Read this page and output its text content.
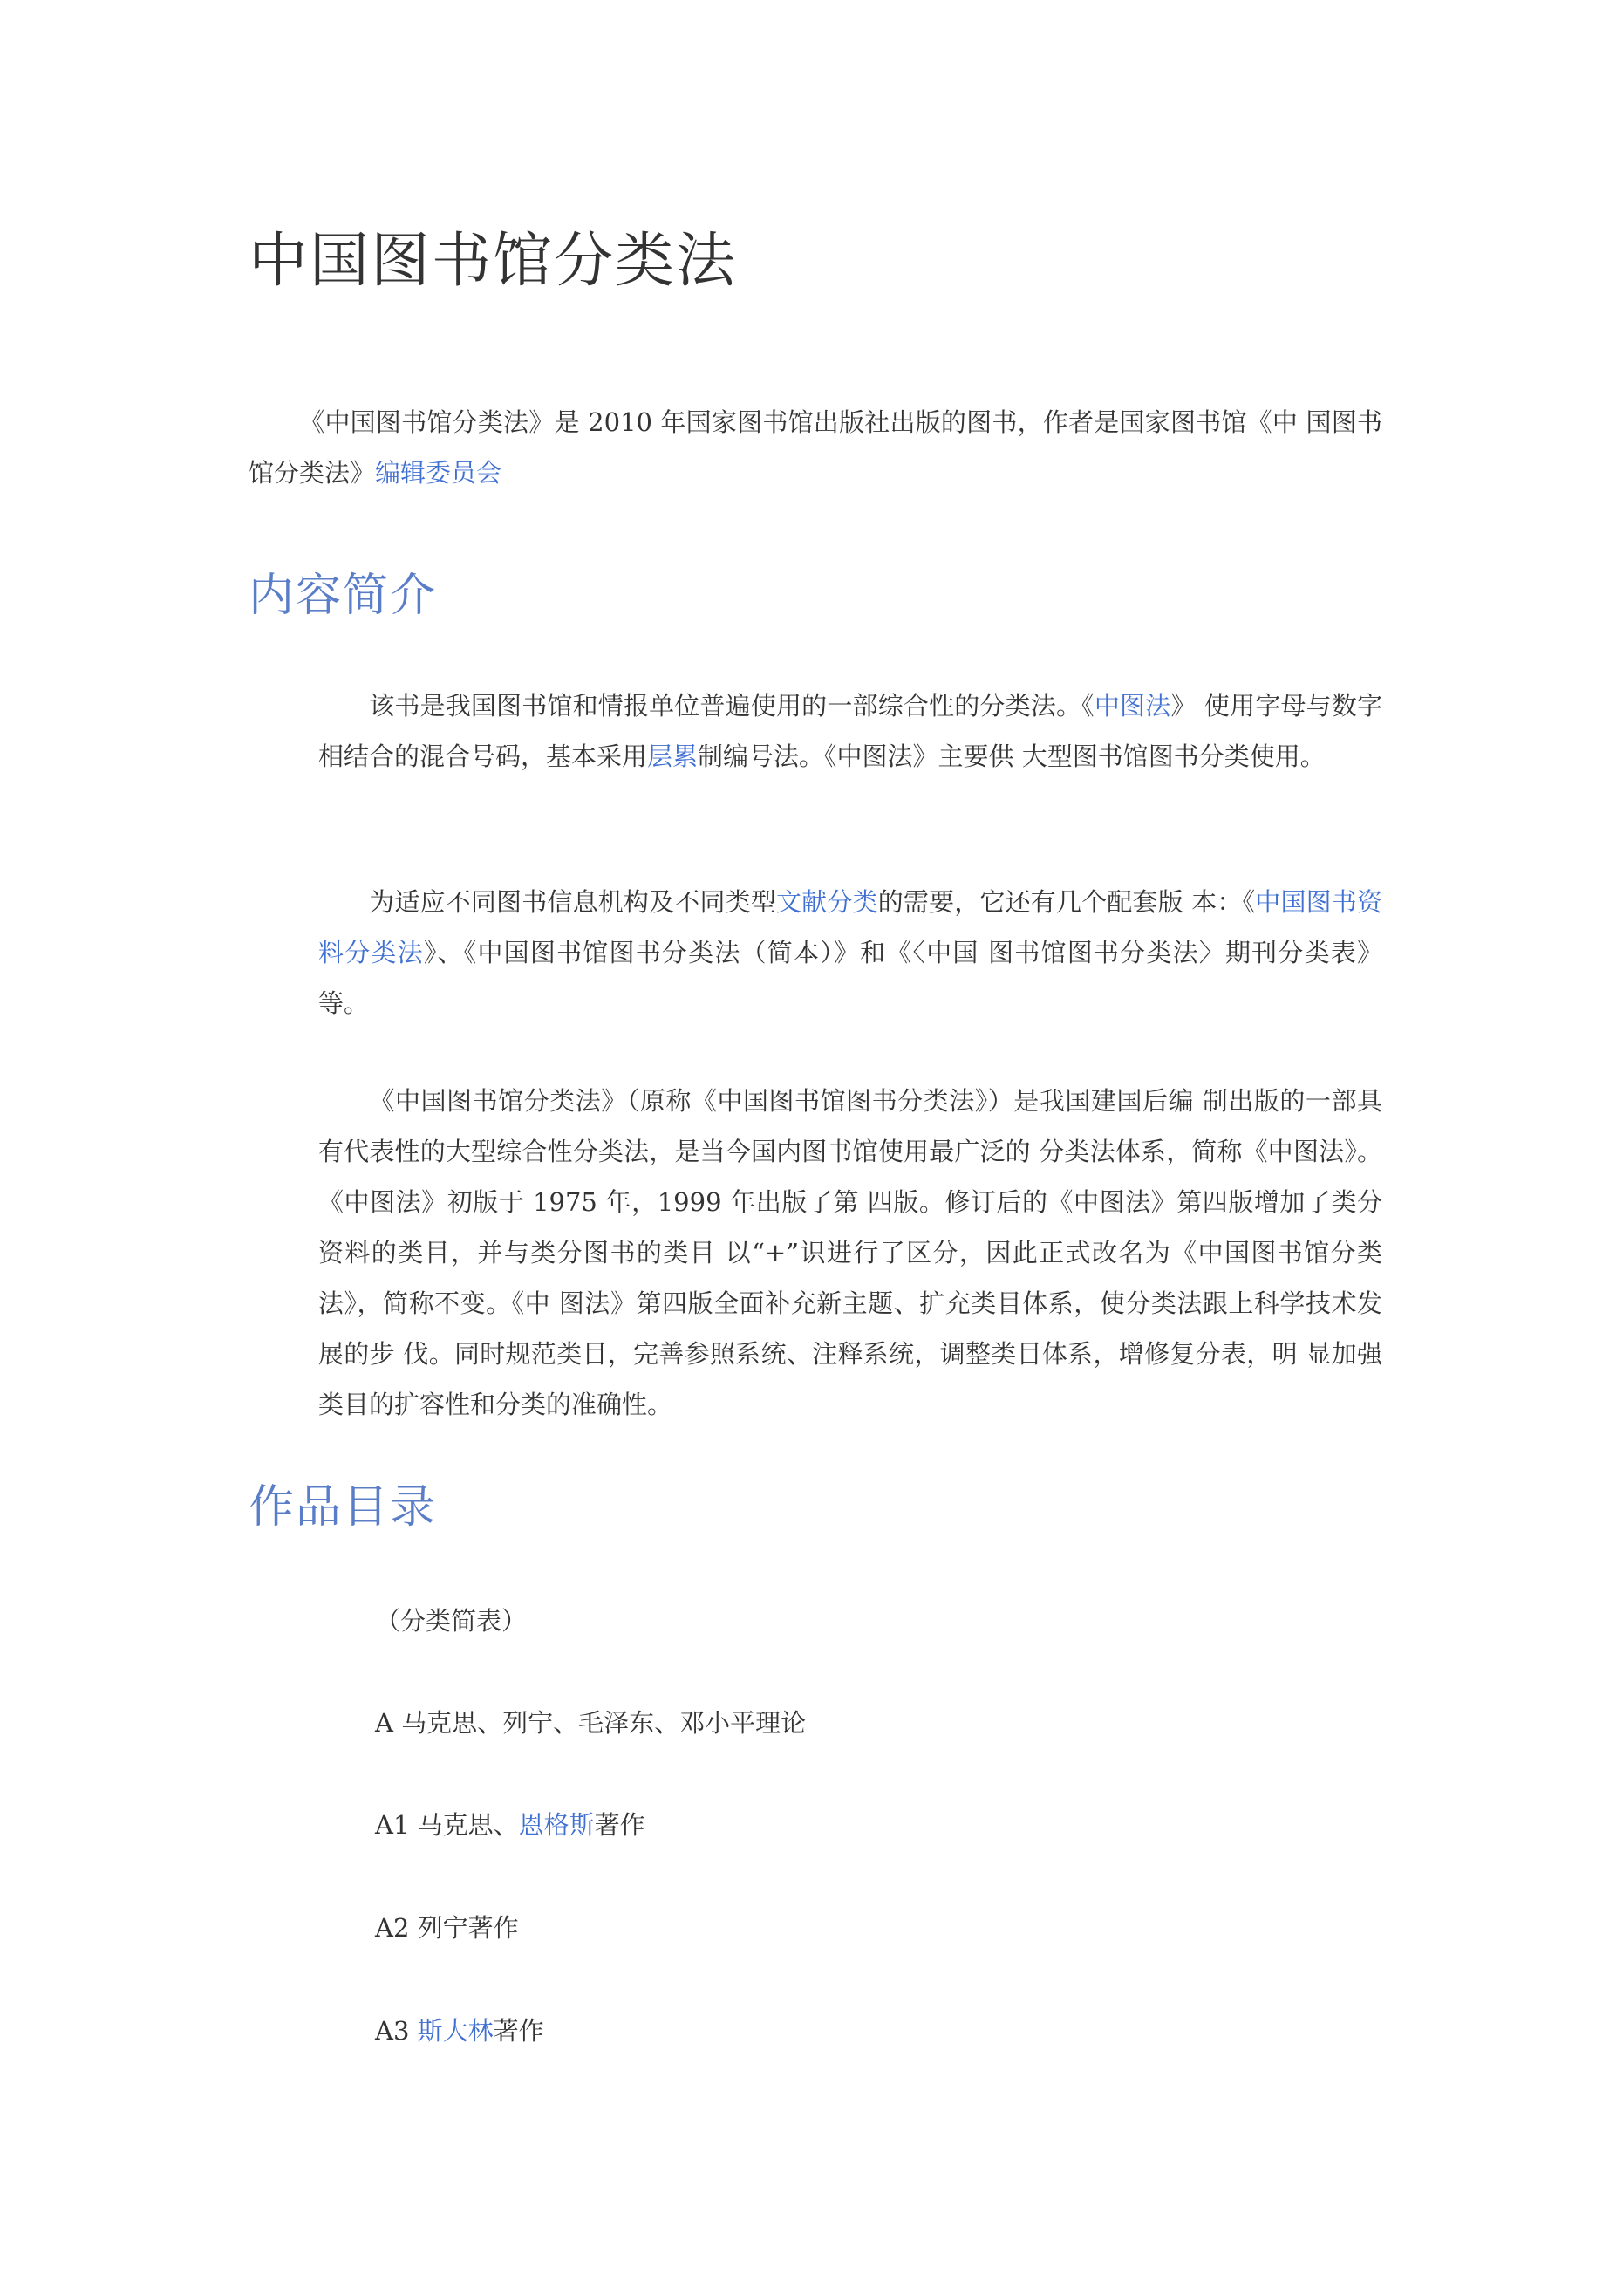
中国图书馆分类法

《中国图书馆分类法》是 2010 年国家图书馆出版社出版的图书，作者是国家图书馆《中 国图书馆分类法》编辑委员会

内容简介

该书是我国图书馆和情报单位普遍使用的一部综合性的分类法。《中图法》 使用字母与数字相结合的混合号码，基本采用层累制编号法。《中图法》主要供 大型图书馆图书分类使用。

为适应不同图书信息机构及不同类型文献分类的需要，它还有几个配套版 本：《中国图书资料分类法》、《中国图书馆图书分类法（简本）》和《〈中国 图书馆图书分类法〉期刊分类表》等。

《中国图书馆分类法》（原称《中国图书馆图书分类法》）是我国建国后编 制出版的一部具有代表性的大型综合性分类法，是当今国内图书馆使用最广泛的 分类法体系，简称《中图法》。《中图法》初版于 1975 年，1999 年出版了第 四版。修订后的《中图法》第四版增加了类分资料的类目，并与类分图书的类目 以“+”识进行了区分，因此正式改名为《中国图书馆分类法》，简称不变。《中 图法》第四版全面补充新主题、扩充类目体系，使分类法跟上科学技术发展的步 伐。同时规范类目，完善参照系统、注释系统，调整类目体系，增修复分表，明 显加强类目的扩容性和分类的准确性。

作品目录

（分类简表）

A 马克思、列宁、毛泽东、邓小平理论

A1 马克思、恩格斯著作

A2 列宁著作

A3 斯大林著作
